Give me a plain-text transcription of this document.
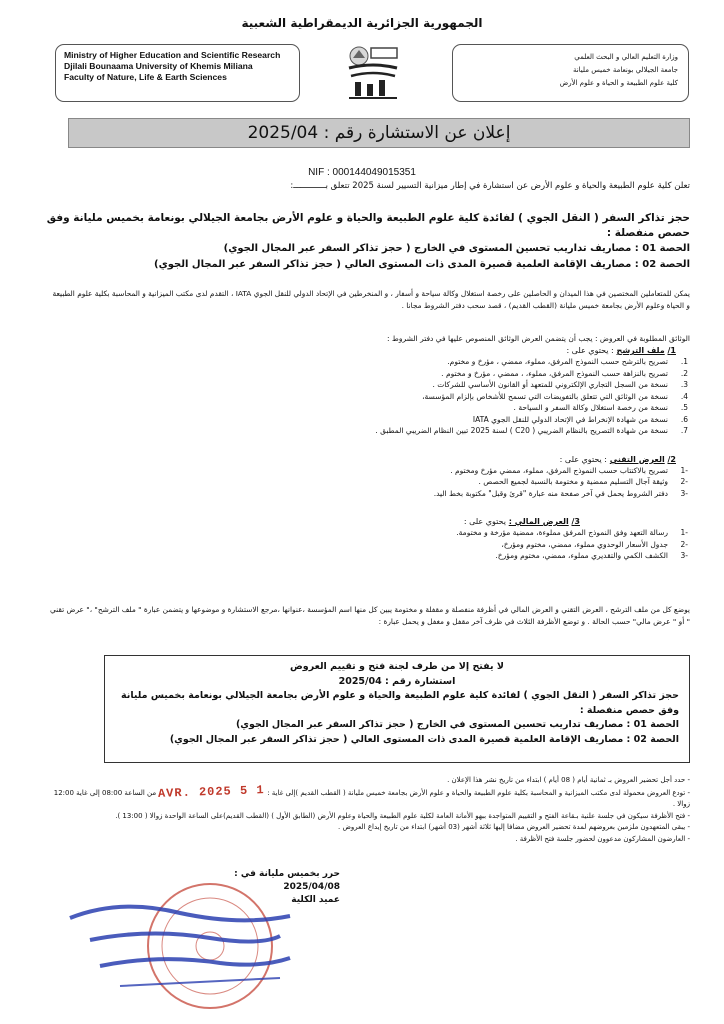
الجمهورية الجزائرية الديمقراطية الشعبية
Ministry of Higher Education and Scientific Research
Djilali Bounaama University of Khemis Miliana
Faculty of Nature, Life & Earth Sciences
وزارة التعليم العالي و البحث العلمي
جامعة الجيلالي بونعامة خميس مليانة
كلية علوم الطبيعة و الحياة و علوم الأرض
إعلان عن الاستشارة رقم : 2025/04
NIF : 000144049015351
تعلن كلية علوم الطبيعة والحياة و علوم الأرض عن استشارة في إطار ميزانية التسيير لسنة 2025 تتعلق بـــــــــــــ:
حجز تذاكر السفر ( النقل الجوي ) لفائدة كلية علوم الطبيعة والحياة و علوم الأرض بجامعة الجيلالي بونعامة بخميس مليانة وفق حصص منفصلة :
الحصة 01 : مصاريف تداريب تحسين المستوى في الخارج ( حجز تذاكر السفر عبر المجال الجوي)
الحصة 02 : مصاريف الإقامة العلمية قصيرة المدى ذات المستوى العالي ( حجز تذاكر السفر عبر المجال الجوي)
يمكن للمتعاملين المختصين في هذا الميدان و الحاصلين على رخصة استغلال وكالة سياحة و أسفار ، و المنخرطين في الإتحاد الدولي للنقل الجوي IATA ، التقدم لدى مكتب الميزانية و المحاسبة بكلية علوم الطبيعة و الحياة وعلوم الأرض بجامعة خميس مليانة (القطب القديم) ، قصد سحب دفتر الشروط مجانا .
الوثائق المطلوبة في العروض : يجب أن يتضمن العرض الوثائق المنصوص عليها في دفتر الشروط :
1/ ملف الترشح : يحتوي على :
1.
تصريح بالترشح حسب النموذج المرفق، مملوء، ممضي ، مؤرخ و مختوم.
2.
تصريح بالنزاهة حسب النموذج المرفق، مملوء، ، ممضي ، مؤرخ و مختوم .
3.
نسخة من السجل التجاري الإلكتروني للمتعهد أو القانون الأساسي للشركات .
4.
نسخة من الوثائق التي تتعلق بالتفويضات التي تسمح للأشخاص بإلزام المؤسسة،
5.
نسخة من رخصة استغلال وكالة السفر و السياحة .
6.
نسخة من شهادة الإنخراط في الإتحاد الدولي للنقل الجوي IATA
7.
نسخة من شهادة التصريح بالنظام الضريبي ( C20 ) لسنة 2025 تبين النظام الضريبي المطبق .
2/ العرض التقني : يحتوي على :
-1
تصريح بالاكتتاب حسب النموذج المرفق، مملوء، ممضي مؤرخ ومختوم .
-2
وثيقة آجال التسليم ممضية و مختومة بالنسبة لجميع الحصص .
-3
دفتر الشروط يحمل في آخر صفحة منه عبارة "قرئ وقبل" مكتوبة بخط اليد.
3/ العرض المالي : يحتوي على :
-1
رسالة التعهد وفق النموذج المرفق مملوءة، ممضية مؤرخة و مختومة.
-2
جدول الأسعار الوحدوي مملوء، ممضي، مختوم ومؤرخ،
-3
الكشف الكمي والتقديري مملوء، ممضي، مختوم ومؤرخ.
يوضع كل من ملف الترشح ، العرض التقني و العرض المالي في أظرفة منفصلة و مقفلة و مختومة يبين كل منها اسم المؤسسة ،عنوانها ،مرجع الاستشارة و موضوعها و يتضمن عبارة " ملف الترشح" ،" عرض تقني " أو " عرض مالي" حسب الحالة . و توضع الأظرفة الثلاث في ظرف آخر مقفل و مغفل و يحمل عبارة :
لا يفتح إلا من طرف لجنة فتح و تقييم العروض
استشارة رقم : 2025/04
حجز تذاكر السفر ( النقل الجوي ) لفائدة كلية علوم الطبيعة والحياة و علوم الأرض بجامعة الجيلالي بونعامة بخميس مليانة
وفق حصص منفصلة :
الحصة 01 : مصاريف تداريب تحسين المستوى في الخارج ( حجز تذاكر السفر عبر المجال الجوي)
الحصة 02 : مصاريف الإقامة العلمية قصيرة المدى ذات المستوى العالي ( حجز تذاكر السفر عبر المجال الجوي)
- حدد أجل تحضير العروض بـ ثمانية أيام ( 08 أيام ) ابتداء من تاريخ نشر هذا الإعلان .
- تودع العروض محمولة لدى مكتب الميزانية و المحاسبة بكلية علوم الطبيعة والحياة و علوم الأرض بجامعة خميس مليانة ( القطب القديم )إلى غاية : 1 5 AVR. 2025 من الساعة 08:00 إلى غاية 12:00 زوالا .
- فتح الأظرفة سيكون في جلسة علنية بـقاعة الفتح و التقييم المتواجدة ببهو الأمانة العامة لكلية علوم الطبيعة والحياة وعلوم الأرض (الطابق الأول ) (القطب القديم)على الساعة الواحدة زوالا ( 13:00 ).
- يبقى المتعهدون ملزمين بعروضهم لمدة تحضير العروض مضافا إليها ثلاثة أشهر (03 أشهر) ابتداء من تاريخ إيداع العروض .
- العارضون المشاركون مدعوون لحضور جلسة فتح الأظرفة .
حرر بخميس مليانة في : 2025/04/08
عميد الكلية
